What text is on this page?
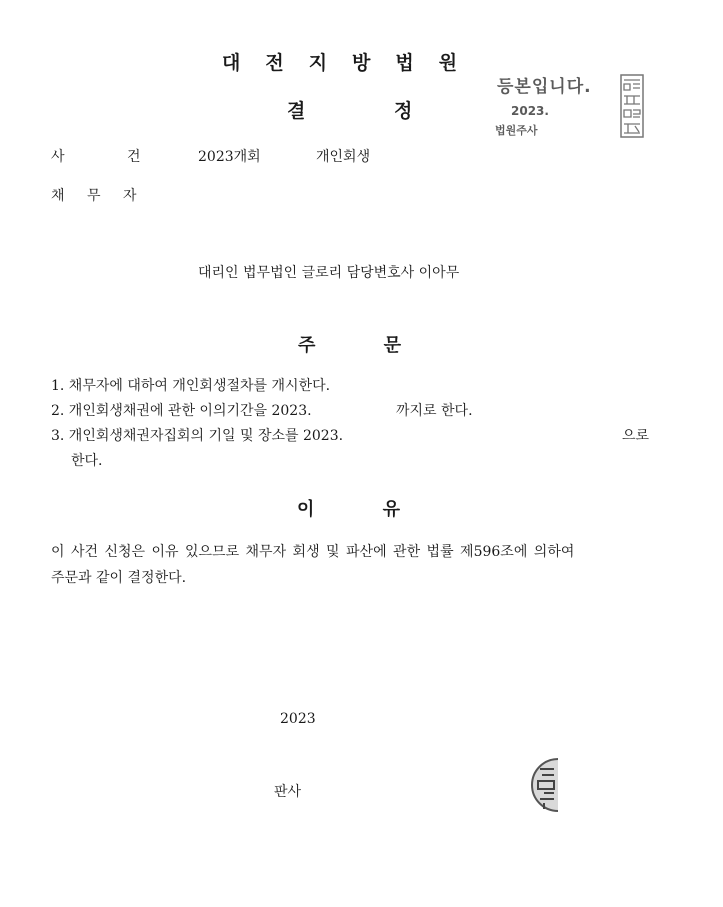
대전지방법원
결 정
등본입니다.
2023.
법원주사
사 건	2023개회	개인회생
채 무 자
대리인 법무법인 글로리 담당변호사 이아무
주 문
1. 채무자에 대하여 개인회생절차를 개시한다.
2. 개인회생채권에 관한 이의기간을 2023.	까지로 한다.
3. 개인회생채권자집회의 기일 및 장소를 2023.	으로
한다.
이 유
이 사건 신청은 이유 있으므로 채무자 회생 및 파산에 관한 법률 제596조에 의하여
주문과 같이 결정한다.
2023
판사
